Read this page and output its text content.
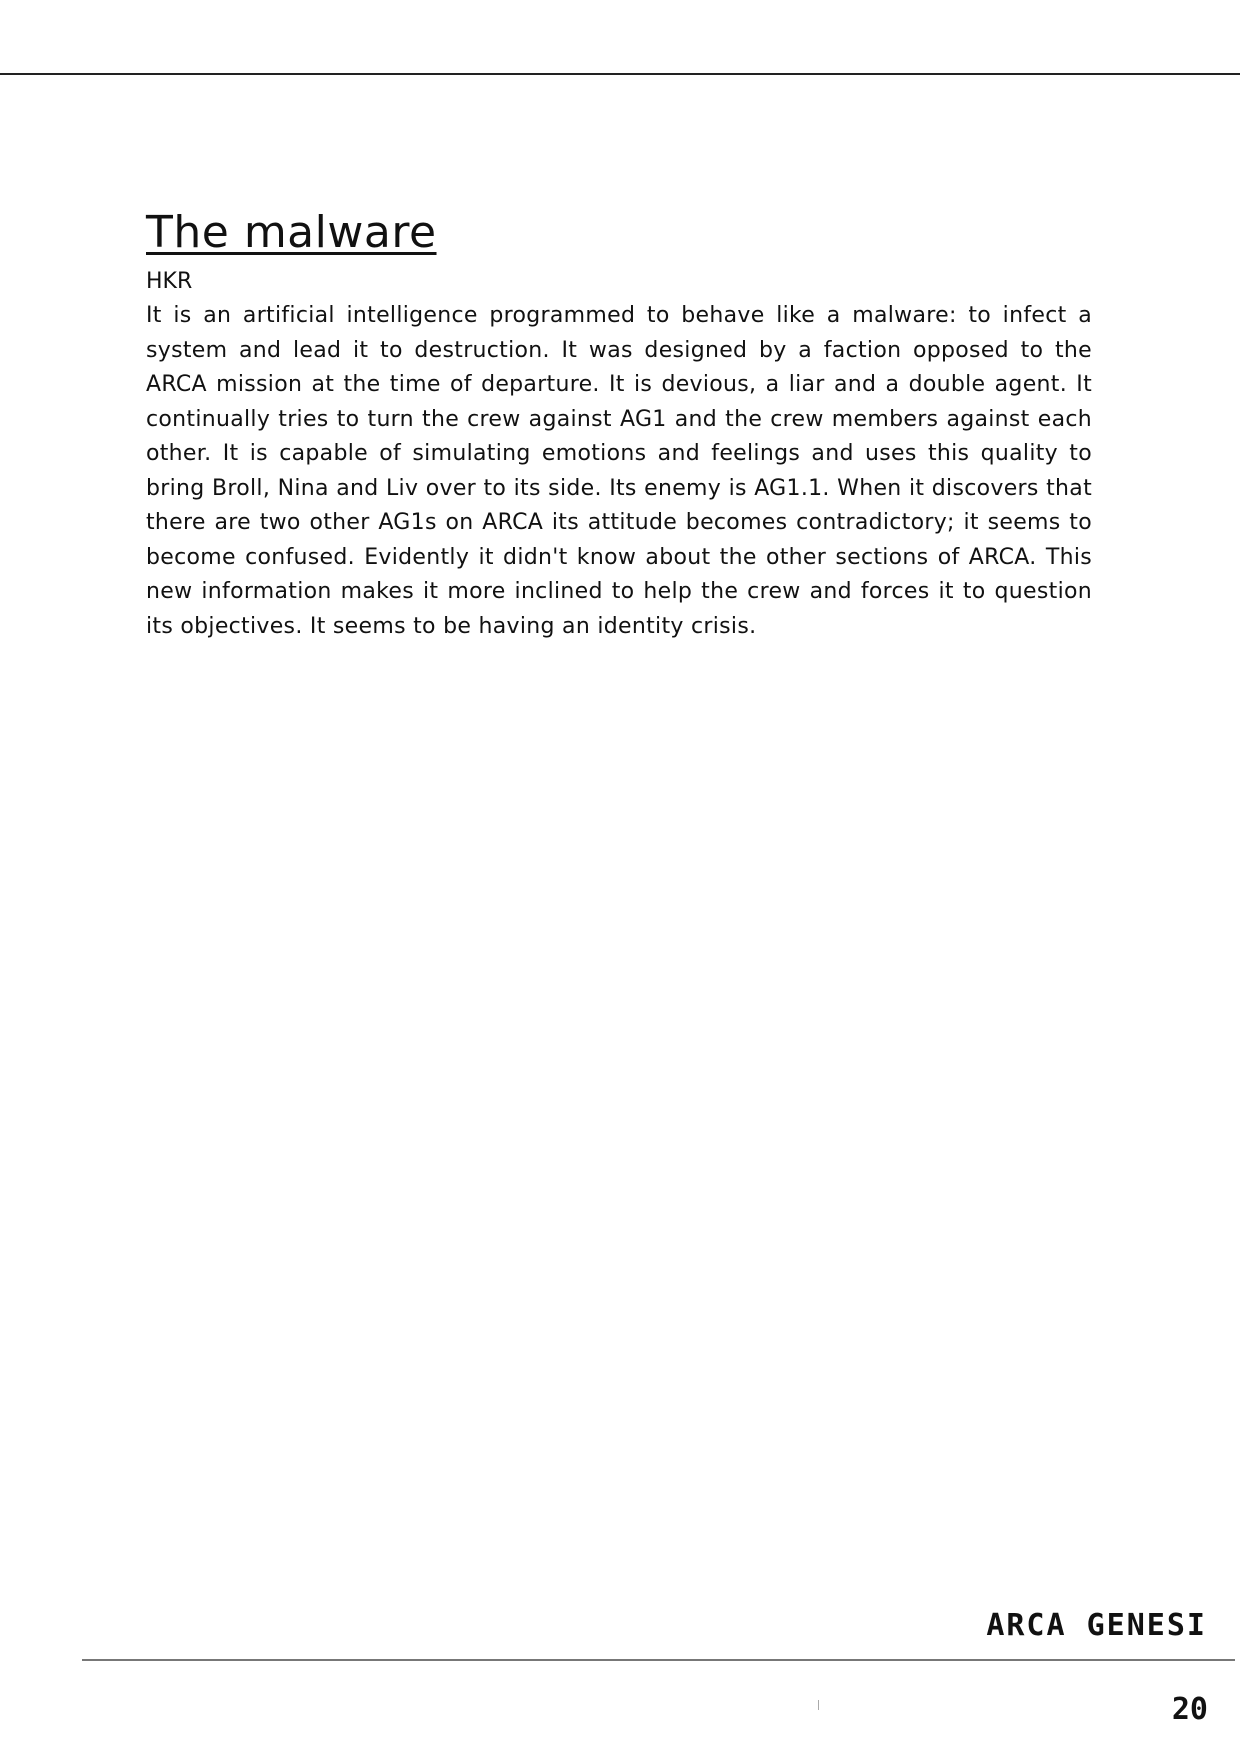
The malware
HKR

It is an artificial intelligence programmed to behave like a malware: to infect a system and lead it to destruction. It was designed by a faction opposed to the ARCA mission at the time of departure. It is devious, a liar and a double agent. It continually tries to turn the crew against AG1 and the crew members against each other. It is capable of simulating emotions and feelings and uses this quality to bring Broll, Nina and Liv over to its side. Its enemy is AG1.1. When it discovers that there are two other AG1s on ARCA its attitude becomes contradictory; it seems to become confused. Evidently it didn't know about the other sections of ARCA. This new information makes it more inclined to help the crew and forces it to question its objectives. It seems to be having an identity crisis.

ARCA GENESI
20
